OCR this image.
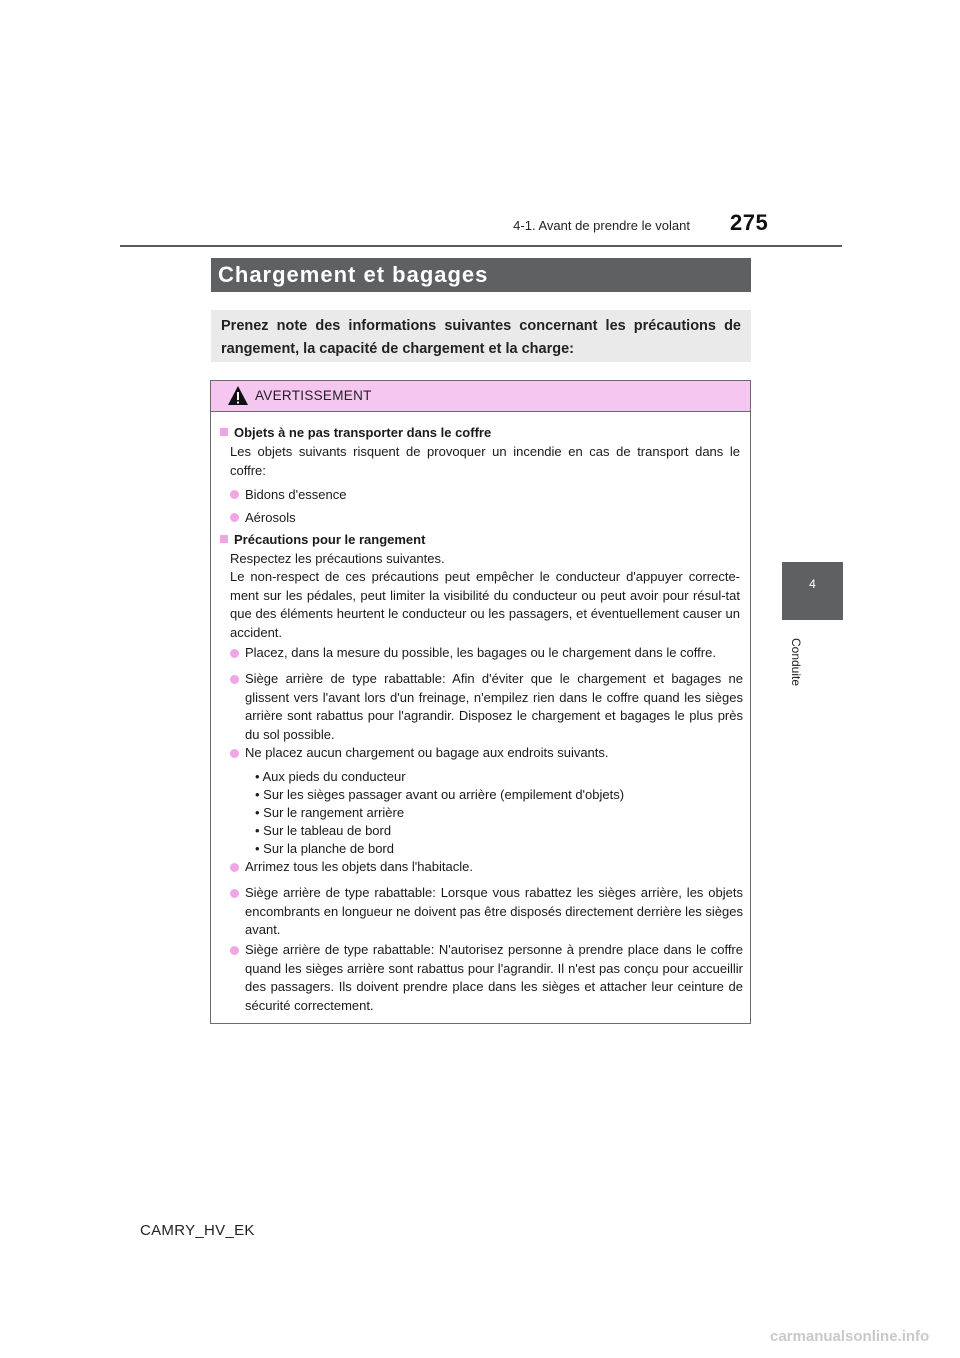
4-1. Avant de prendre le volant 275
4
Conduite
Chargement et bagages
Prenez note des informations suivantes concernant les précautions de rangement, la capacité de chargement et la charge:
AVERTISSEMENT
Objets à ne pas transporter dans le coffre
Les objets suivants risquent de provoquer un incendie en cas de transport dans le coffre:
Bidons d'essence
Aérosols
Précautions pour le rangement
Respectez les précautions suivantes.
Le non-respect de ces précautions peut empêcher le conducteur d'appuyer correcte-ment sur les pédales, peut limiter la visibilité du conducteur ou peut avoir pour résul-tat que des éléments heurtent le conducteur ou les passagers, et éventuellement causer un accident.
Placez, dans la mesure du possible, les bagages ou le chargement dans le coffre.
Siège arrière de type rabattable: Afin d'éviter que le chargement et bagages ne glissent vers l'avant lors d'un freinage, n'empilez rien dans le coffre quand les sièges arrière sont rabattus pour l'agrandir. Disposez le chargement et bagages le plus près du sol possible.
Ne placez aucun chargement ou bagage aux endroits suivants.
• Aux pieds du conducteur
• Sur les sièges passager avant ou arrière (empilement d'objets)
• Sur le rangement arrière
• Sur le tableau de bord
• Sur la planche de bord
Arrimez tous les objets dans l'habitacle.
Siège arrière de type rabattable: Lorsque vous rabattez les sièges arrière, les objets encombrants en longueur ne doivent pas être disposés directement derrière les sièges avant.
Siège arrière de type rabattable: N'autorisez personne à prendre place dans le coffre quand les sièges arrière sont rabattus pour l'agrandir. Il n'est pas conçu pour accueillir des passagers. Ils doivent prendre place dans les sièges et attacher leur ceinture de sécurité correctement.
CAMRY_HV_EK
carmanualsonline.info
